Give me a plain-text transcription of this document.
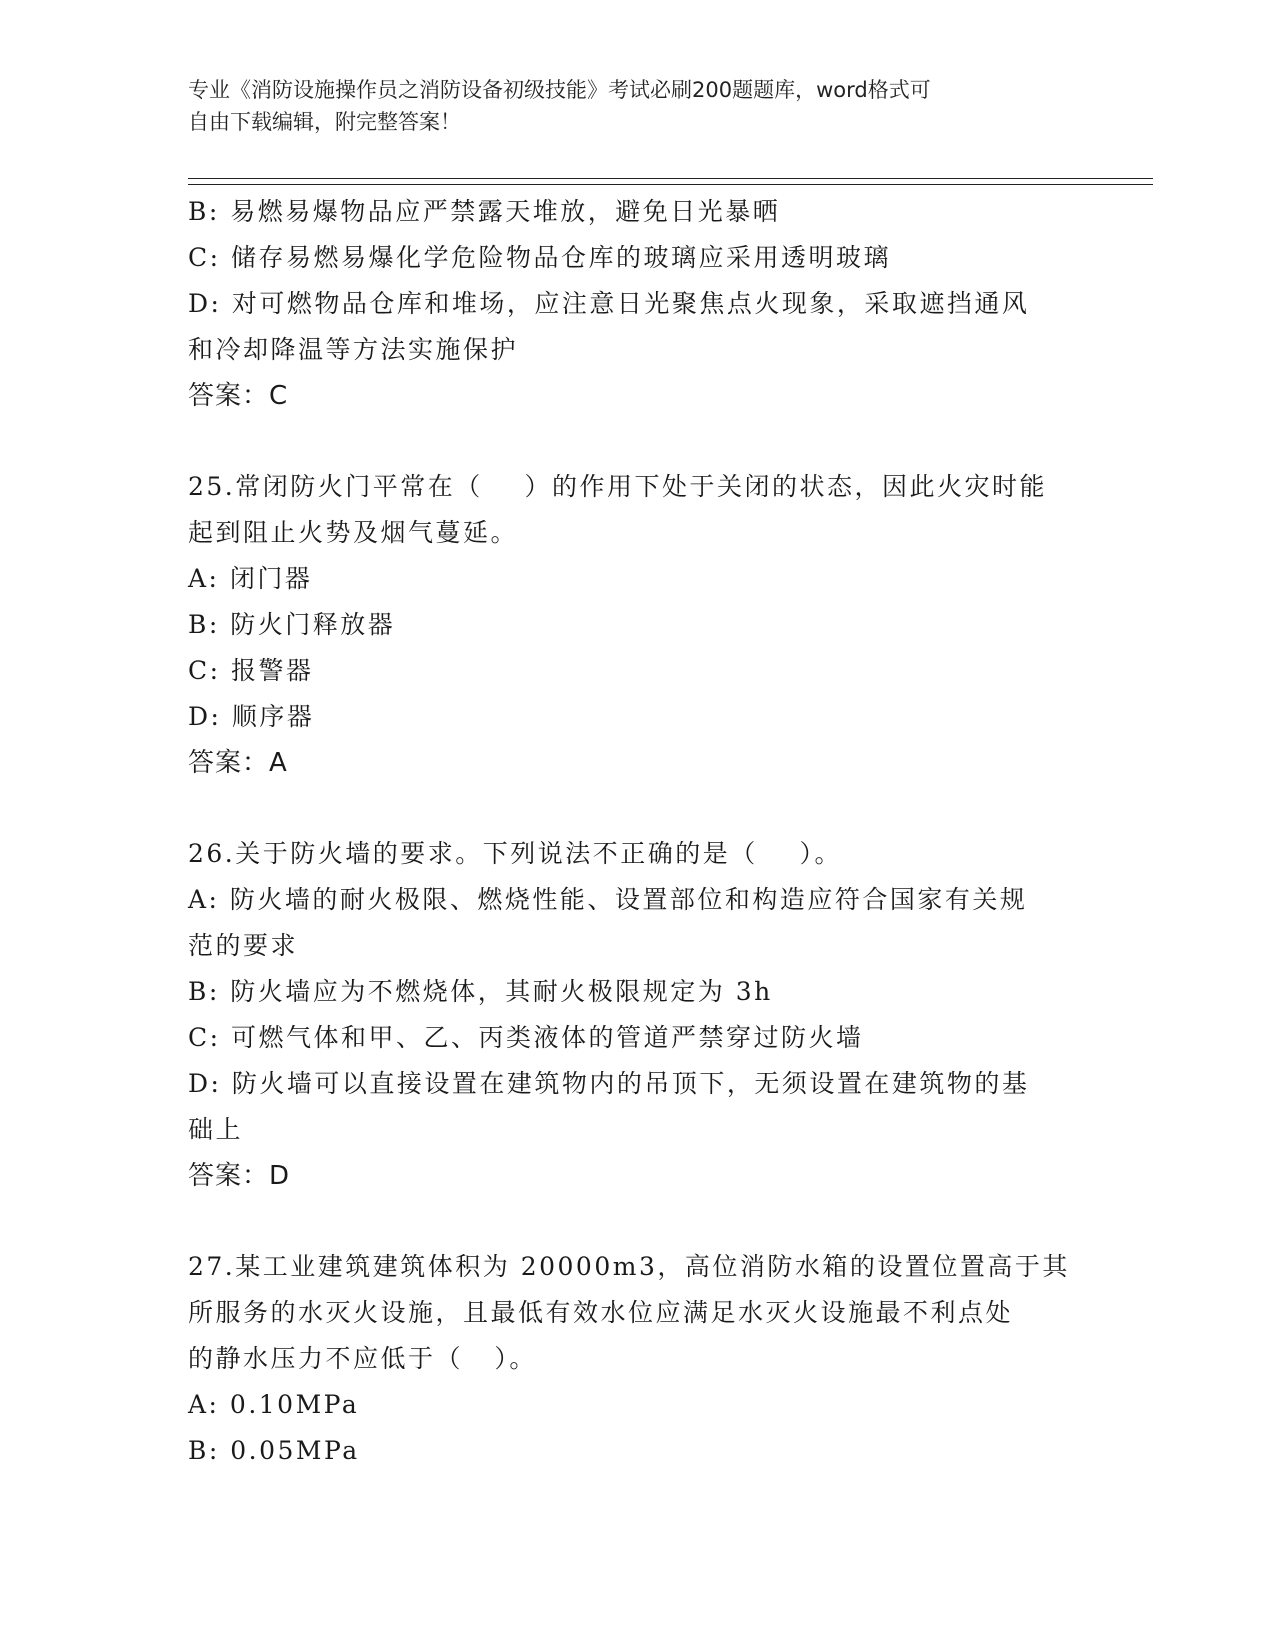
专业《消防设施操作员之消防设备初级技能》考试必刷200题题库，word格式可
自由下载编辑，附完整答案！
B: 易燃易爆物品应严禁露天堆放，避免日光暴晒
C: 储存易燃易爆化学危险物品仓库的玻璃应采用透明玻璃
D: 对可燃物品仓库和堆场，应注意日光聚焦点火现象，采取遮挡通风
和冷却降温等方法实施保护
答案：C
25.常闭防火门平常在（    ）的作用下处于关闭的状态，因此火灾时能
起到阻止火势及烟气蔓延。
A: 闭门器
B: 防火门释放器
C: 报警器
D: 顺序器
答案：A
26.关于防火墙的要求。下列说法不正确的是（    ）。
A: 防火墙的耐火极限、燃烧性能、设置部位和构造应符合国家有关规
范的要求
B: 防火墙应为不燃烧体，其耐火极限规定为 3h
C: 可燃气体和甲、乙、丙类液体的管道严禁穿过防火墙
D: 防火墙可以直接设置在建筑物内的吊顶下，无须设置在建筑物的基
础上
答案：D
27.某工业建筑建筑体积为 20000m3，高位消防水箱的设置位置高于其
所服务的水灭火设施，且最低有效水位应满足水灭火设施最不利点处
的静水压力不应低于（   ）。
A: 0.10MPa
B: 0.05MPa
